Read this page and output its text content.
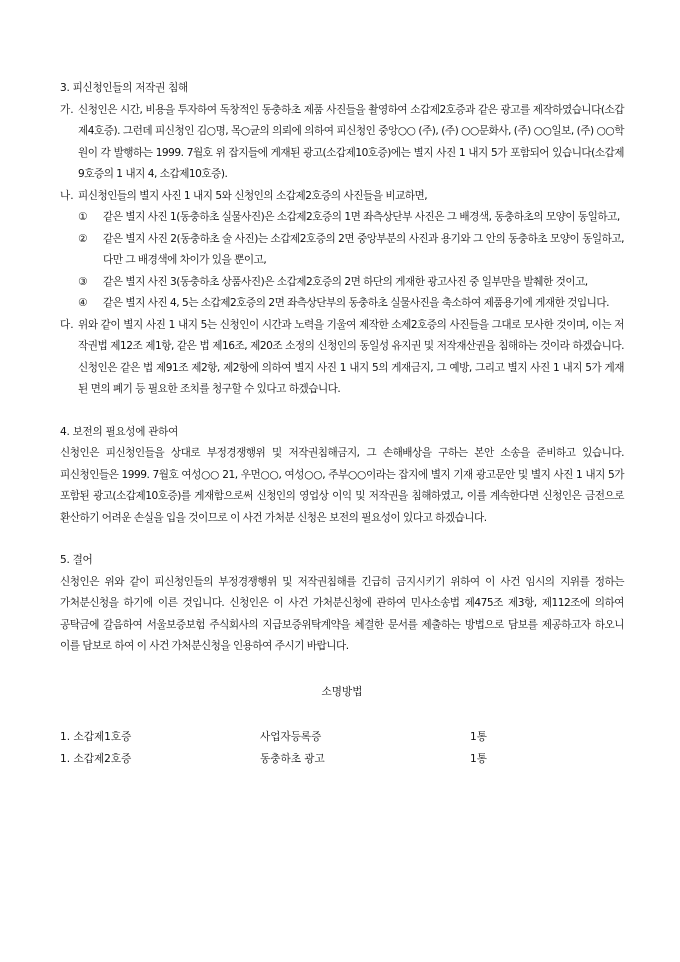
3. 피신청인들의 저작권 침해
가. 신청인은 시간, 비용을 투자하여 독창적인 동충하초 제품 사진들을 촬영하여 소갑제2호증과 같은 광고를 제작하였습니다(소갑제4호증). 그런데 피신청인 김○명, 목○균의 의뢰에 의하여 피신청인 중앙○○ (주), (주) ○○문화사, (주) ○○일보, (주) ○○학원이 각 발행하는 1999. 7월호 위 잡지들에 게재된 광고(소갑제10호증)에는 별지 사진 1 내지 5가 포함되어 있습니다(소갑제9호증의 1 내지 4, 소갑제10호증).
나. 피신청인들의 별지 사진 1 내지 5와 신청인의 소갑제2호증의 사진들을 비교하면,
①	같은 별지 사진 1(동충하초 실물사진)은 소갑제2호증의 1면 좌측상단부 사진은 그 배경색, 동충하초의 모양이 동일하고,
②	같은 별지 사진 2(동충하초 술 사진)는 소갑제2호증의 2면 중앙부분의 사진과 용기와 그 안의 동충하초 모양이 동일하고, 다만 그 배경색에 차이가 있을 뿐이고,
③	같은 별지 사진 3(동충하초 상품사진)은 소갑제2호증의 2면 하단의 게재한 광고사진 중 일부만을 발췌한 것이고,
④	같은 별지 사진 4, 5는 소갑제2호증의 2면 좌측상단부의 동충하초 실물사진을 축소하여 제품용기에 게재한 것입니다.
다. 위와 같이 별지 사진 1 내지 5는 신청인이 시간과 노력을 기울여 제작한 소제2호증의 사진들을 그대로 모사한 것이며, 이는 저작권법 제12조 제1항, 같은 법 제16조, 제20조 소정의 신청인의 동일성 유지권 및 저작재산권을 침해하는 것이라 하겠습니다. 신청인은 같은 법 제91조 제2항, 제2항에 의하여 별지 사진 1 내지 5의 게재금지, 그 예방, 그리고 별지 사진 1 내지 5가 게재된 면의 폐기 등 필요한 조치를 청구할 수 있다고 하겠습니다.
4. 보전의 필요성에 관하여
신청인은 피신청인들을 상대로 부정경쟁행위 및 저작권침해금지, 그 손해배상을 구하는 본안 소송을 준비하고 있습니다. 피신청인들은 1999. 7월호 여성○○ 21, 우먼○○, 여성○○, 주부○○이라는 잡지에 별지 기재 광고문안 및 별지 사진 1 내지 5가 포함된 광고(소갑제10호증)를 게재함으로써 신청인의 영업상 이익 및 저작권을 침해하였고, 이를 계속한다면 신청인은 금전으로 환산하기 어려운 손실을 입을 것이므로 이 사건 가처분 신청은 보전의 필요성이 있다고 하겠습니다.
5. 결어
신청인은 위와 같이 피신청인들의 부정경쟁행위 및 저작권침해를 긴급히 금지시키기 위하여 이 사건 임시의 지위를 정하는 가처분신청을 하기에 이른 것입니다. 신청인은 이 사건 가처분신청에 관하여 민사소송법 제475조 제3항, 제112조에 의하여 공탁금에 갈음하여 서울보증보험 주식회사의 지급보증위탁계약을 체결한 문서를 제출하는 방법으로 담보를 제공하고자 하오니 이를 담보로 하여 이 사건 가처분신청을 인용하여 주시기 바랍니다.
소명방법
1. 소갑제1호증	사업자등록증	1통
1. 소갑제2호증	동충하초 광고	1통
